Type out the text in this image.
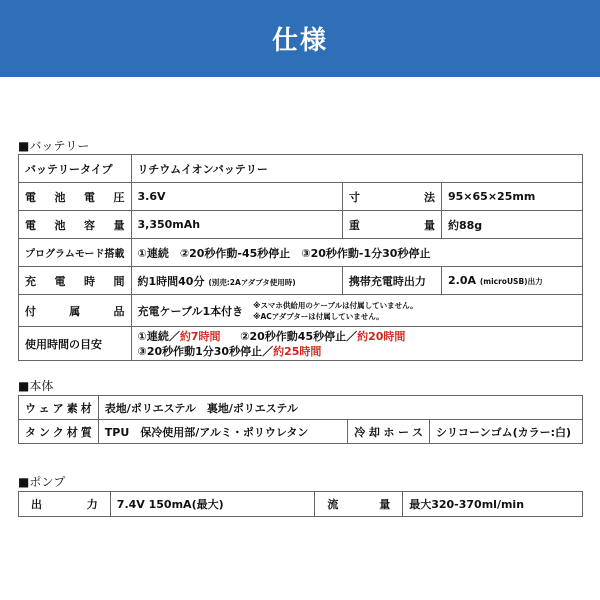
仕様
■バッテリー
バッテリータイプ	リチウムイオンバッテリー		
電池電圧	3.6V	寸法	95×65×25mm
電池容量	3,350mAh	重量	約88g
プログラムモード搭載	①連続　②20秒作動-45秒停止　③20秒作動-1分30秒停止		
充電時間	約1時間40分 (別売:2Aアダプタ使用時)	携帯充電時出力	2.0A (microUSB)出力
付属品	充電ケーブル1本付き ※スマホ供給用のケーブルは付属していません。
※ACアダプターは付属していません。		

使用時間の目安	①連続／約7時間 ②20秒作動45秒停止／約20時間
③20秒作動1分30秒停止／約25時間		
■本体
ウェア素材	表地/ポリエステル　裏地/ポリエステル		
タンク材質	TPU　保冷使用部/アルミ・ポリウレタン	冷却ホース	シリコーンゴム(カラー:白)
■ポンプ
出力	7.4V 150mA(最大)	流量	最大320-370ml/min
